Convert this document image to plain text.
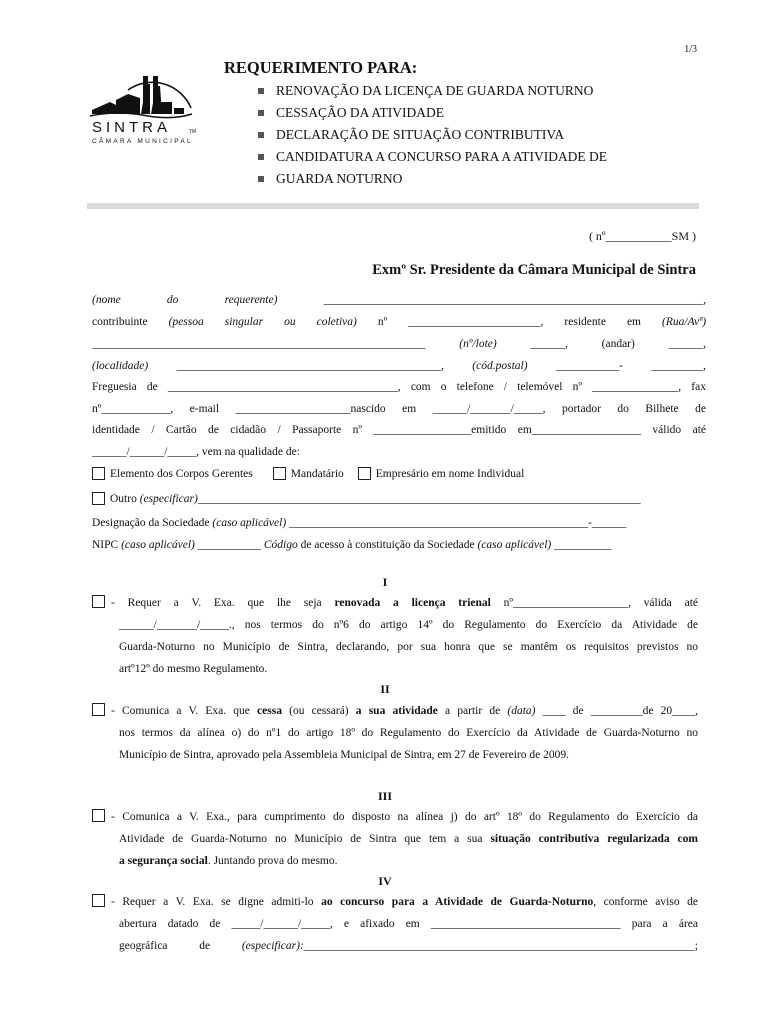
1/3
SINTRA	TM
CÂMARA MUNICIPAL
REQUERIMENTO PARA:
RENOVAÇÃO DA LICENÇA DE GUARDA NOTURNO
CESSAÇÃO DA ATIVIDADE
DECLARAÇÃO DE SITUAÇÃO CONTRIBUTIVA
CANDIDATURA A CONCURSO PARA A ATIVIDADE DE
GUARDA NOTURNO
( nº___________SM )
Exmº Sr. Presidente da Câmara Municipal de Sintra
(nome do requerente)	__________________________________________________________________,
contribuinte (pessoa singular ou coletiva) nº _______________________, residente em (Rua/Avª)
__________________________________________________________	(nº/lote)	______, (andar) ______,
(localidade) ______________________________________________, (cód.postal) ___________- _________,
Freguesia de ________________________________________, com o telefone / telemóvel nº _______________, fax
nº____________, e-mail ____________________nascido em ______/_______/_____, portador do Bilhete de
identidade / Cartão de cidadão / Passaporte nº _________________emitido em___________________ válido até
______/______/_____, vem na qualidade de:
Elemento dos Corpos Gerentes	Mandatário	Empresário em nome Individual
Outro
(especificar) _____________________________________________________________________________
Designação da Sociedade (caso aplicável) ____________________________________________________-______
NIPC (caso aplicável) ___________ Código de acesso à constituição da Sociedade (caso aplicável) __________
I
- Requer a V. Exa. que lhe seja renovada a licença trienal nº____________________, válida até
______/_______/_____., nos termos do nº6 do artigo 14º do Regulamento do Exercício da Atividade de
Guarda-Noturno no Município de Sintra, declarando, por sua honra que se mantêm os requisitos previstos no
artº12º do mesmo Regulamento.
II
- Comunica a V. Exa. que cessa (ou cessará) a sua atividade a partir de (data) ____ de _________de 20____,
nos termos da alínea o) do nº1 do artigo 18º do Regulamento do Exercício da Atividade de Guarda-Noturno no
Município de Sintra, aprovado pela Assembleia Municipal de Sintra, em 27 de Fevereiro de 2009.
III
- Comunica a V. Exa., para cumprimento do disposto na alínea j) do artº 18º do Regulamento do Exercício da
Atividade de Guarda-Noturno no Município de Sintra que tem a sua situação contributiva regularizada com
a segurança social. Juntando prova do mesmo.
IV
- Requer a V. Exa. se digne admiti-lo ao concurso para a Atividade de Guarda-Noturno, conforme aviso de
abertura datado de _____/______/_____, e afixado em _________________________________ para a área
geográfica de (especificar):____________________________________________________________________;
